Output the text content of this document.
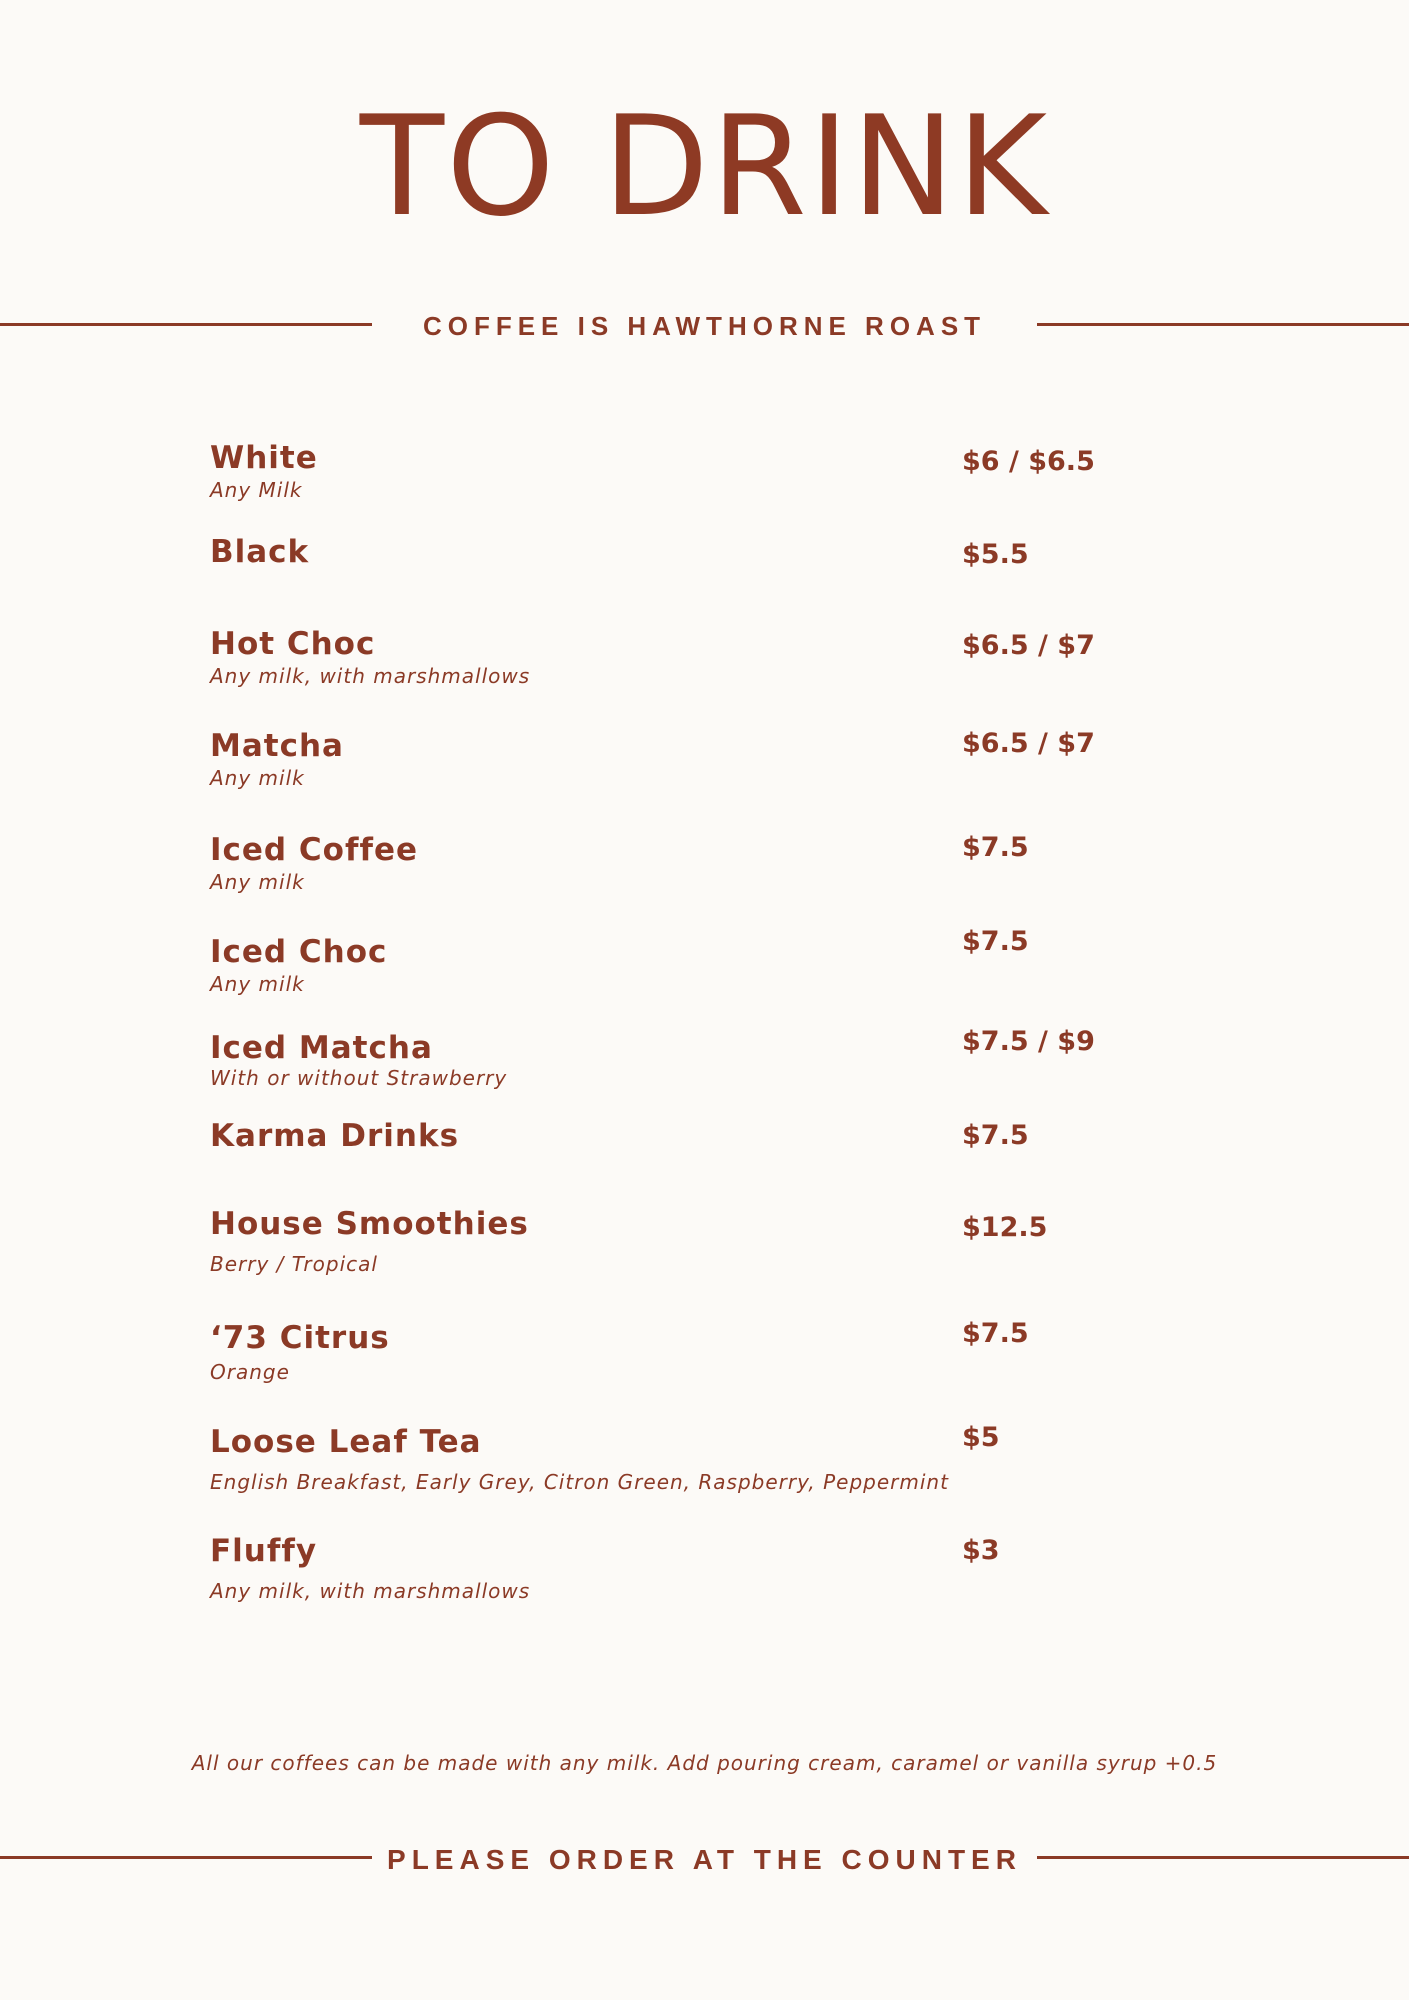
TO DRINK
COFFEE IS HAWTHORNE ROAST
White
Any Milk
$6 / $6.5
Black	$5.5
Hot Choc
Any milk, with marshmallows
$6.5 / $7
Matcha
Any milk
$6.5 / $7
Iced Coffee
Any milk
$7.5
Iced Choc
Any milk
$7.5
Iced Matcha
With or without Strawberry
$7.5 / $9
Karma Drinks	$7.5
House Smoothies
Berry / Tropical
$12.5
‘73 Citrus
Orange
$7.5
Loose Leaf Tea
English Breakfast, Early Grey, Citron Green, Raspberry, Peppermint
$5
Fluffy
Any milk, with marshmallows
$3
All our coffees can be made with any milk. Add pouring cream, caramel or vanilla syrup +0.5
PLEASE ORDER AT THE COUNTER
